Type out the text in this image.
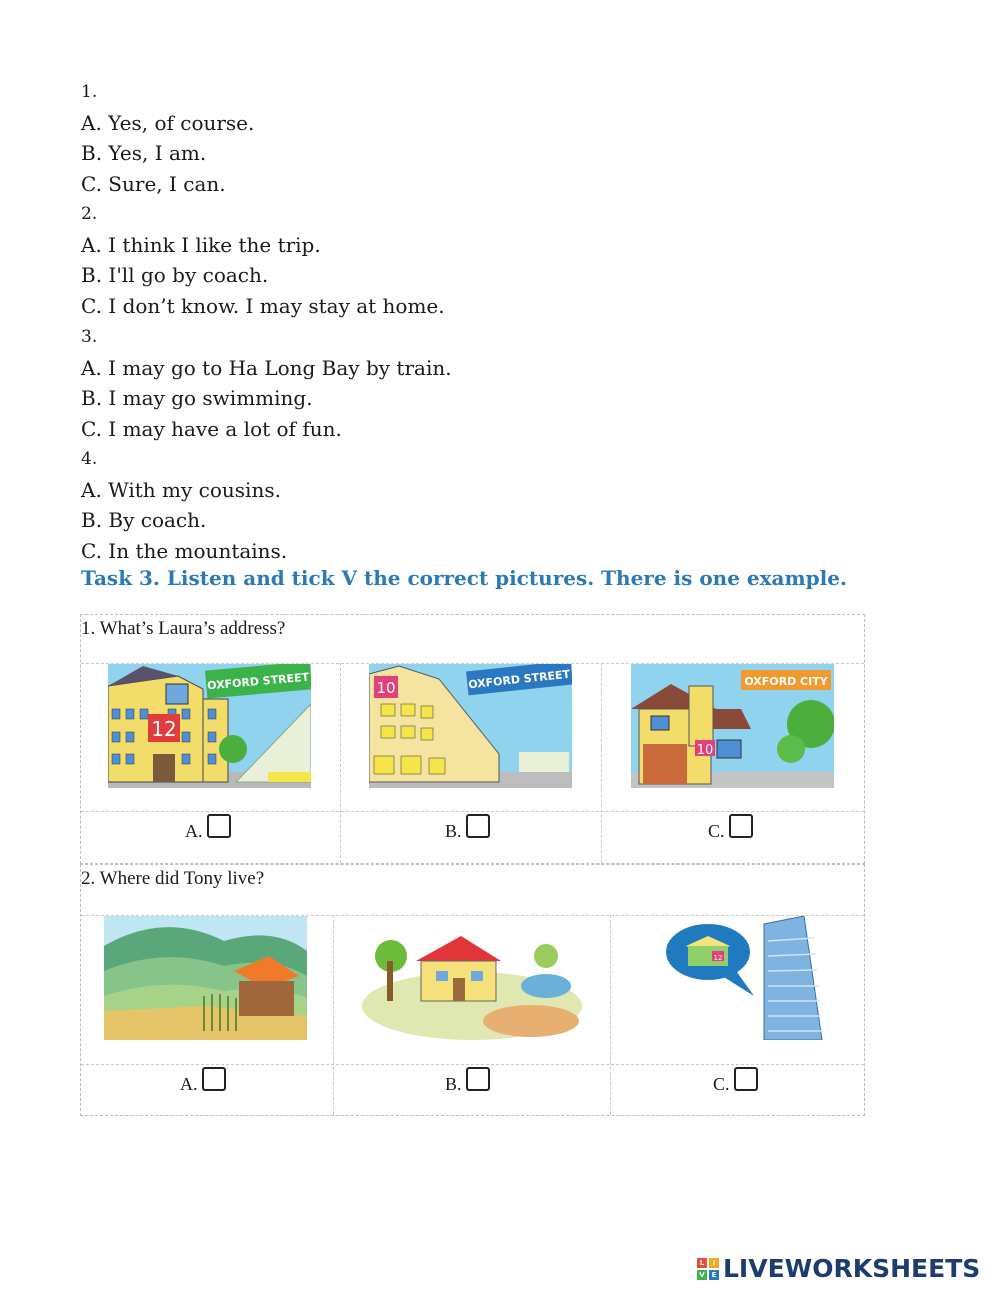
1.
A. Yes, of course.
B. Yes, I am.
C. Sure, I can.
2.
A. I think I like the trip.
B. I'll go by coach.
C. I don’t know. I may stay at home.
3.
A. I may go to Ha Long Bay by train.
B. I may go swimming.
C. I may have a lot of fun.
4.
A. With my cousins.
B. By coach.
C. In the mountains.
Task 3. Listen and tick V the correct pictures. There is one example.
1. What’s Laura’s address?
12
OXFORD STREET	10	OXFORD STREET
10
OXFORD CITY
A.	B.	C.
2. Where did Tony live?
12
A.	B.	C.
L	I
V E LIVEWORKSHEETS
